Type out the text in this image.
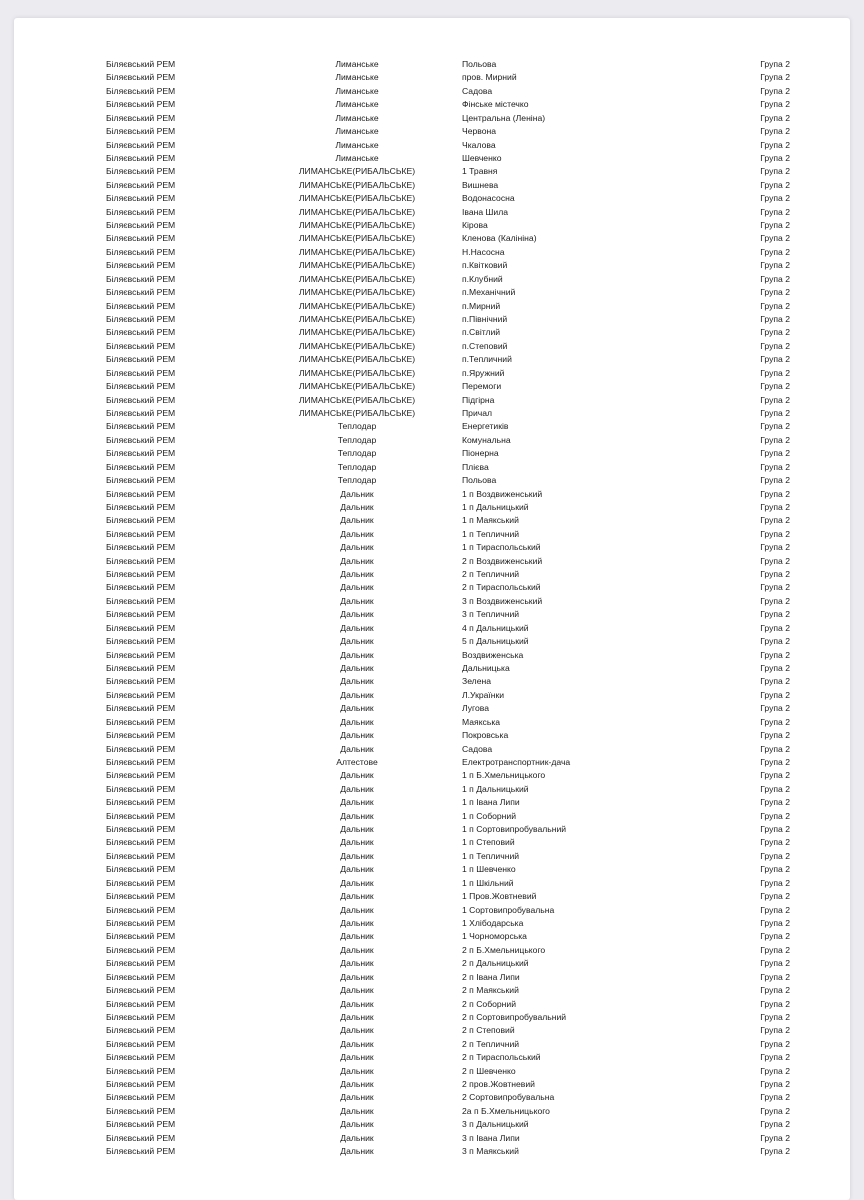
Біляєвський РЕМ	Лиманське	Польова	Група 2
Біляєвський РЕМ	Лиманське	пров. Мирний	Група 2
Біляєвський РЕМ	Лиманське	Садова	Група 2
Біляєвський РЕМ	Лиманське	Фінське містечко	Група 2
Біляєвський РЕМ	Лиманське	Центральна (Леніна)	Група 2
Біляєвський РЕМ	Лиманське	Червона	Група 2
Біляєвський РЕМ	Лиманське	Чкалова	Група 2
Біляєвський РЕМ	Лиманське	Шевченко	Група 2
Біляєвський РЕМ	ЛИМАНСЬКЕ(РИБАЛЬСЬКЕ)	1 Травня	Група 2
Біляєвський РЕМ	ЛИМАНСЬКЕ(РИБАЛЬСЬКЕ)	Вишнева	Група 2
Біляєвський РЕМ	ЛИМАНСЬКЕ(РИБАЛЬСЬКЕ)	Водонасосна	Група 2
Біляєвський РЕМ	ЛИМАНСЬКЕ(РИБАЛЬСЬКЕ)	Івана Шила	Група 2
Біляєвський РЕМ	ЛИМАНСЬКЕ(РИБАЛЬСЬКЕ)	Кірова	Група 2
Біляєвський РЕМ	ЛИМАНСЬКЕ(РИБАЛЬСЬКЕ)	Кленова (Калініна)	Група 2
Біляєвський РЕМ	ЛИМАНСЬКЕ(РИБАЛЬСЬКЕ)	Н.Насосна	Група 2
Біляєвський РЕМ	ЛИМАНСЬКЕ(РИБАЛЬСЬКЕ)	п.Квітковий	Група 2
Біляєвський РЕМ	ЛИМАНСЬКЕ(РИБАЛЬСЬКЕ)	п.Клубний	Група 2
Біляєвський РЕМ	ЛИМАНСЬКЕ(РИБАЛЬСЬКЕ)	п.Механічний	Група 2
Біляєвський РЕМ	ЛИМАНСЬКЕ(РИБАЛЬСЬКЕ)	п.Мирний	Група 2
Біляєвський РЕМ	ЛИМАНСЬКЕ(РИБАЛЬСЬКЕ)	п.Північний	Група 2
Біляєвський РЕМ	ЛИМАНСЬКЕ(РИБАЛЬСЬКЕ)	п.Світлий	Група 2
Біляєвський РЕМ	ЛИМАНСЬКЕ(РИБАЛЬСЬКЕ)	п.Степовий	Група 2
Біляєвський РЕМ	ЛИМАНСЬКЕ(РИБАЛЬСЬКЕ)	п.Тепличний	Група 2
Біляєвський РЕМ	ЛИМАНСЬКЕ(РИБАЛЬСЬКЕ)	п.Яружний	Група 2
Біляєвський РЕМ	ЛИМАНСЬКЕ(РИБАЛЬСЬКЕ)	Перемоги	Група 2
Біляєвський РЕМ	ЛИМАНСЬКЕ(РИБАЛЬСЬКЕ)	Підгірна	Група 2
Біляєвський РЕМ	ЛИМАНСЬКЕ(РИБАЛЬСЬКЕ)	Причал	Група 2
Біляєвський РЕМ	Теплодар	Енергетиків	Група 2
Біляєвський РЕМ	Теплодар	Комунальна	Група 2
Біляєвський РЕМ	Теплодар	Піонерна	Група 2
Біляєвський РЕМ	Теплодар	Плієва	Група 2
Біляєвський РЕМ	Теплодар	Польова	Група 2
Біляєвський РЕМ	Дальник	1 п Воздвиженський	Група 2
Біляєвський РЕМ	Дальник	1 п Дальницький	Група 2
Біляєвський РЕМ	Дальник	1 п Маякський	Група 2
Біляєвський РЕМ	Дальник	1 п Тепличний	Група 2
Біляєвський РЕМ	Дальник	1 п Тираспольський	Група 2
Біляєвський РЕМ	Дальник	2 п Воздвиженський	Група 2
Біляєвський РЕМ	Дальник	2 п Тепличний	Група 2
Біляєвський РЕМ	Дальник	2 п Тираспольський	Група 2
Біляєвський РЕМ	Дальник	3 п Воздвиженський	Група 2
Біляєвський РЕМ	Дальник	3 п Тепличний	Група 2
Біляєвський РЕМ	Дальник	4 п Дальницький	Група 2
Біляєвський РЕМ	Дальник	5 п Дальницький	Група 2
Біляєвський РЕМ	Дальник	Воздвиженська	Група 2
Біляєвський РЕМ	Дальник	Дальницька	Група 2
Біляєвський РЕМ	Дальник	Зелена	Група 2
Біляєвський РЕМ	Дальник	Л.Українки	Група 2
Біляєвський РЕМ	Дальник	Лугова	Група 2
Біляєвський РЕМ	Дальник	Маякська	Група 2
Біляєвський РЕМ	Дальник	Покровська	Група 2
Біляєвський РЕМ	Дальник	Садова	Група 2
Біляєвський РЕМ	Алтестове	Електротранспортник-дача	Група 2
Біляєвський РЕМ	Дальник	1 п Б.Хмельницького	Група 2
Біляєвський РЕМ	Дальник	1 п Дальницький	Група 2
Біляєвський РЕМ	Дальник	1 п Івана Липи	Група 2
Біляєвський РЕМ	Дальник	1 п Соборний	Група 2
Біляєвський РЕМ	Дальник	1 п Сортовипробувальний	Група 2
Біляєвський РЕМ	Дальник	1 п Степовий	Група 2
Біляєвський РЕМ	Дальник	1 п Тепличний	Група 2
Біляєвський РЕМ	Дальник	1 п Шевченко	Група 2
Біляєвський РЕМ	Дальник	1 п Шкільний	Група 2
Біляєвський РЕМ	Дальник	1 Пров.Жовтневий	Група 2
Біляєвський РЕМ	Дальник	1 Сортовипробувальна	Група 2
Біляєвський РЕМ	Дальник	1 Хлібодарська	Група 2
Біляєвський РЕМ	Дальник	1 Чорноморська	Група 2
Біляєвський РЕМ	Дальник	2 п Б.Хмельницького	Група 2
Біляєвський РЕМ	Дальник	2 п Дальницький	Група 2
Біляєвський РЕМ	Дальник	2 п Івана Липи	Група 2
Біляєвський РЕМ	Дальник	2 п Маякський	Група 2
Біляєвський РЕМ	Дальник	2 п Соборний	Група 2
Біляєвський РЕМ	Дальник	2 п Сортовипробувальний	Група 2
Біляєвський РЕМ	Дальник	2 п Степовий	Група 2
Біляєвський РЕМ	Дальник	2 п Тепличний	Група 2
Біляєвський РЕМ	Дальник	2 п Тираспольський	Група 2
Біляєвський РЕМ	Дальник	2 п Шевченко	Група 2
Біляєвський РЕМ	Дальник	2 пров.Жовтневий	Група 2
Біляєвський РЕМ	Дальник	2 Сортовипробувальна	Група 2
Біляєвський РЕМ	Дальник	2а п Б.Хмельницького	Група 2
Біляєвський РЕМ	Дальник	3 п Дальницький	Група 2
Біляєвський РЕМ	Дальник	3 п Івана Липи	Група 2
Біляєвський РЕМ	Дальник	3 п Маякський	Група 2
